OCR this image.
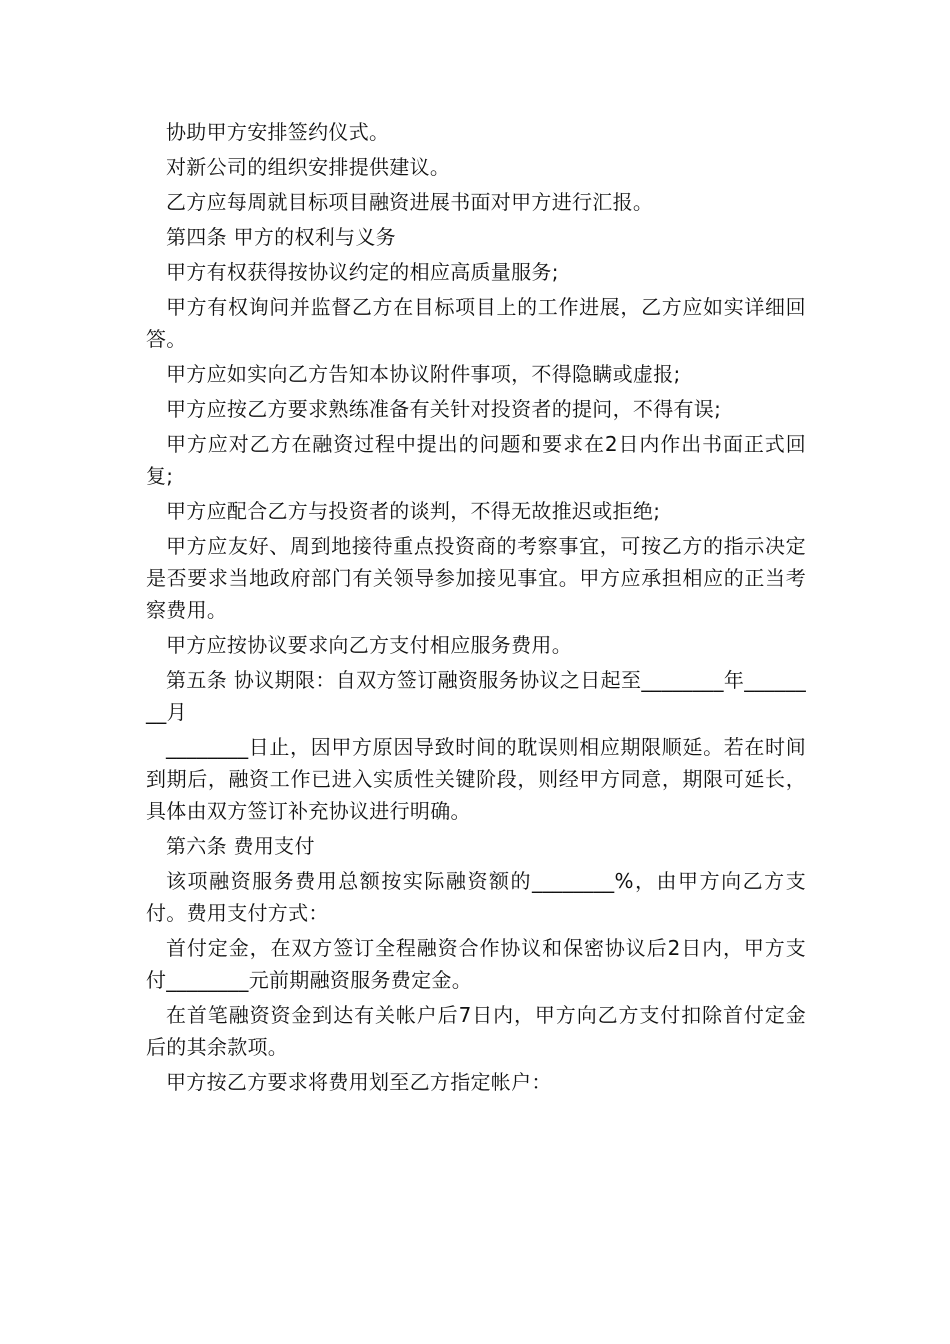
协助甲方安排签约仪式。

对新公司的组织安排提供建议。

乙方应每周就目标项目融资进展书面对甲方进行汇报。

第四条 甲方的权利与义务

甲方有权获得按协议约定的相应高质量服务;

甲方有权询问并监督乙方在目标项目上的工作进展，乙方应如实详细回答。

甲方应如实向乙方告知本协议附件事项，不得隐瞒或虚报;

甲方应按乙方要求熟练准备有关针对投资者的提问，不得有误;

甲方应对乙方在融资过程中提出的问题和要求在2日内作出书面正式回复;

甲方应配合乙方与投资者的谈判，不得无故推迟或拒绝;

甲方应友好、周到地接待重点投资商的考察事宜，可按乙方的指示决定是否要求当地政府部门有关领导参加接见事宜。甲方应承担相应的正当考察费用。

甲方应按协议要求向乙方支付相应服务费用。

第五条 协议期限：自双方签订融资服务协议之日起至________年________月

________日止，因甲方原因导致时间的耽误则相应期限顺延。若在时间到期后，融资工作已进入实质性关键阶段，则经甲方同意，期限可延长，具体由双方签订补充协议进行明确。

第六条 费用支付

该项融资服务费用总额按实际融资额的________%，由甲方向乙方支付。费用支付方式：

首付定金，在双方签订全程融资合作协议和保密协议后2日内，甲方支付________元前期融资服务费定金。

在首笔融资资金到达有关帐户后7日内，甲方向乙方支付扣除首付定金后的其余款项。

甲方按乙方要求将费用划至乙方指定帐户：
